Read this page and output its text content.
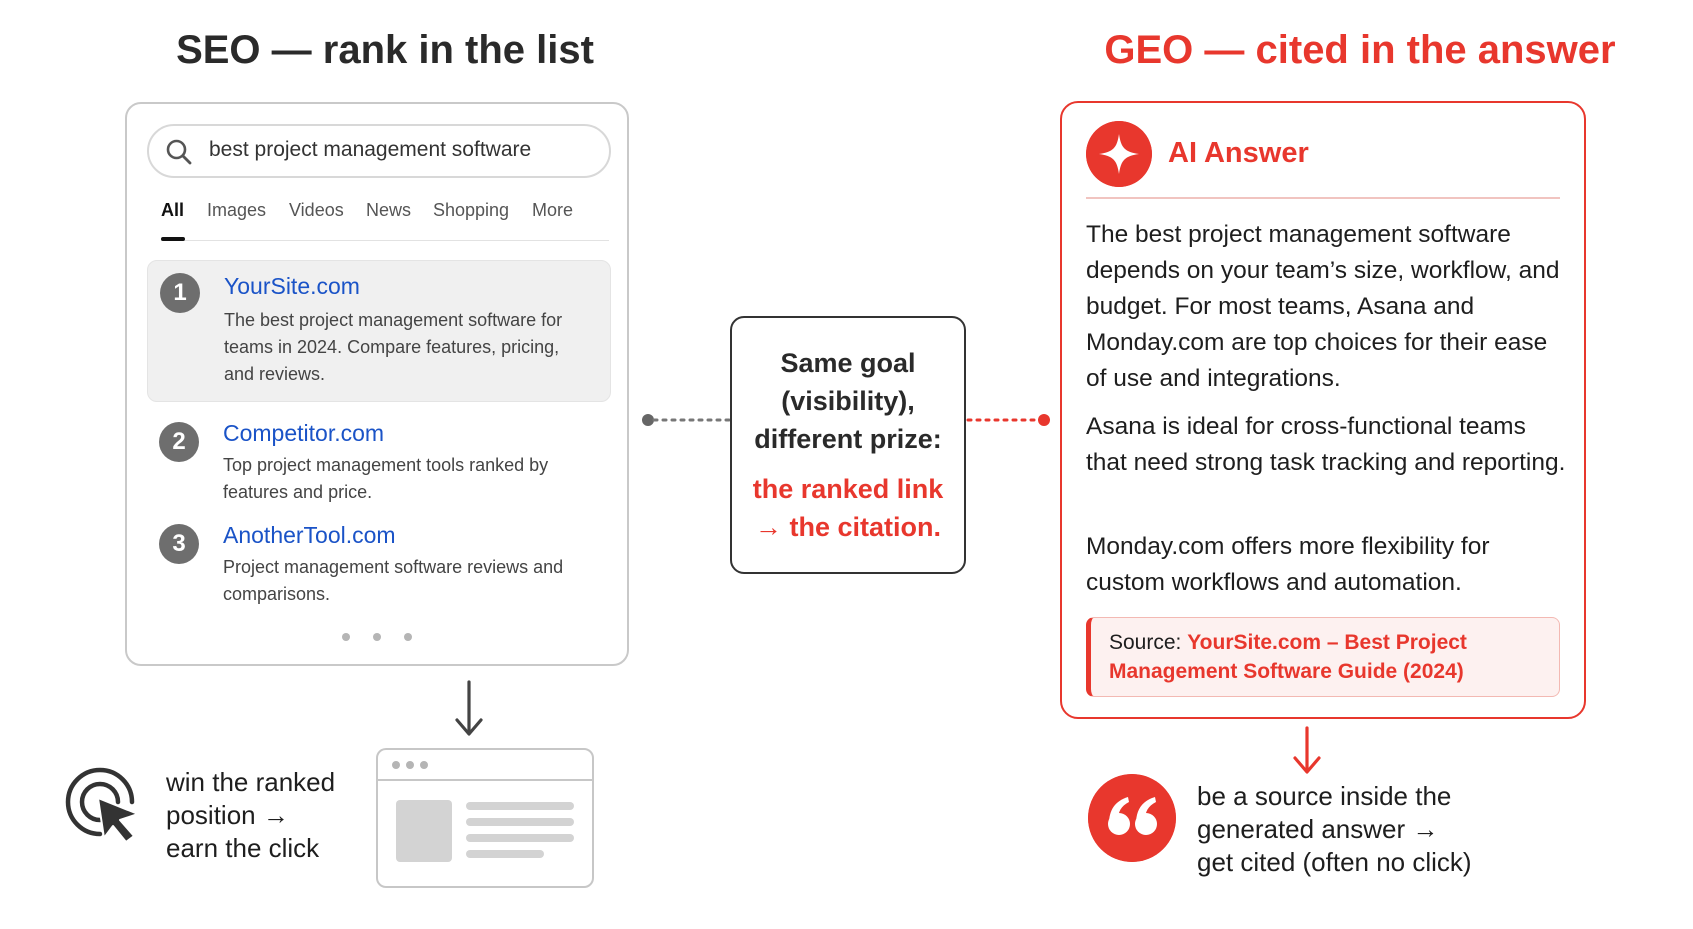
SEO — rank in the list	GEO — cited in the answer
best project management software
All Images Videos News Shopping More
1	YourSite.com
The best project management software for teams in 2024. Compare features, pricing, and reviews.
2	Competitor.com
Top project management tools ranked by features and price.
3	AnotherTool.com
Project management software reviews and comparisons.
win the ranked
position →
earn the click
Same goal
(visibility),
different prize:
the ranked link
→ the citation.
AI Answer
The best project management software depends on your team’s size, workflow, and budget. For most teams, Asana and Monday.com are top choices for their ease of use and integrations.
Asana is ideal for cross-functional teams that need strong task tracking and reporting.
Monday.com offers more flexibility for custom workflows and automation.
Source: YourSite.com – Best Project Management Software Guide (2024)
be a source inside the
generated answer →
get cited (often no click)
